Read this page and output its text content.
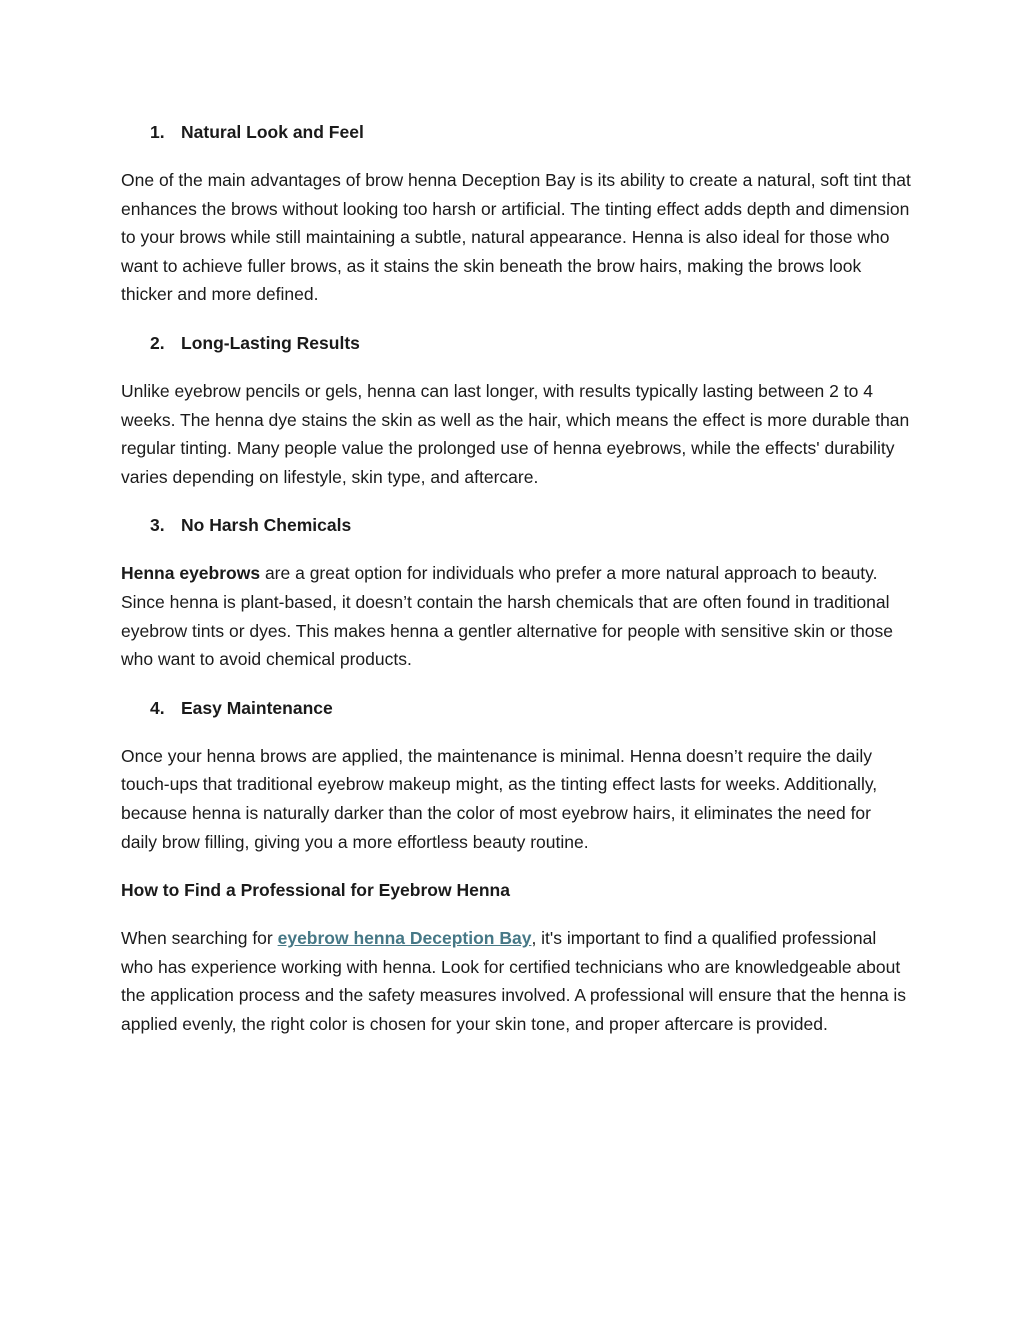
1. Natural Look and Feel

One of the main advantages of brow henna Deception Bay is its ability to create a natural, soft tint that enhances the brows without looking too harsh or artificial. The tinting effect adds depth and dimension to your brows while still maintaining a subtle, natural appearance. Henna is also ideal for those who want to achieve fuller brows, as it stains the skin beneath the brow hairs, making the brows look thicker and more defined.

2. Long-Lasting Results

Unlike eyebrow pencils or gels, henna can last longer, with results typically lasting between 2 to 4 weeks. The henna dye stains the skin as well as the hair, which means the effect is more durable than regular tinting. Many people value the prolonged use of henna eyebrows, while the effects' durability varies depending on lifestyle, skin type, and aftercare.

3. No Harsh Chemicals

Henna eyebrows are a great option for individuals who prefer a more natural approach to beauty. Since henna is plant-based, it doesn’t contain the harsh chemicals that are often found in traditional eyebrow tints or dyes. This makes henna a gentler alternative for people with sensitive skin or those who want to avoid chemical products.

4. Easy Maintenance

Once your henna brows are applied, the maintenance is minimal. Henna doesn’t require the daily touch-ups that traditional eyebrow makeup might, as the tinting effect lasts for weeks. Additionally, because henna is naturally darker than the color of most eyebrow hairs, it eliminates the need for daily brow filling, giving you a more effortless beauty routine.

How to Find a Professional for Eyebrow Henna

When searching for eyebrow henna Deception Bay, it's important to find a qualified professional who has experience working with henna. Look for certified technicians who are knowledgeable about the application process and the safety measures involved. A professional will ensure that the henna is applied evenly, the right color is chosen for your skin tone, and proper aftercare is provided.
